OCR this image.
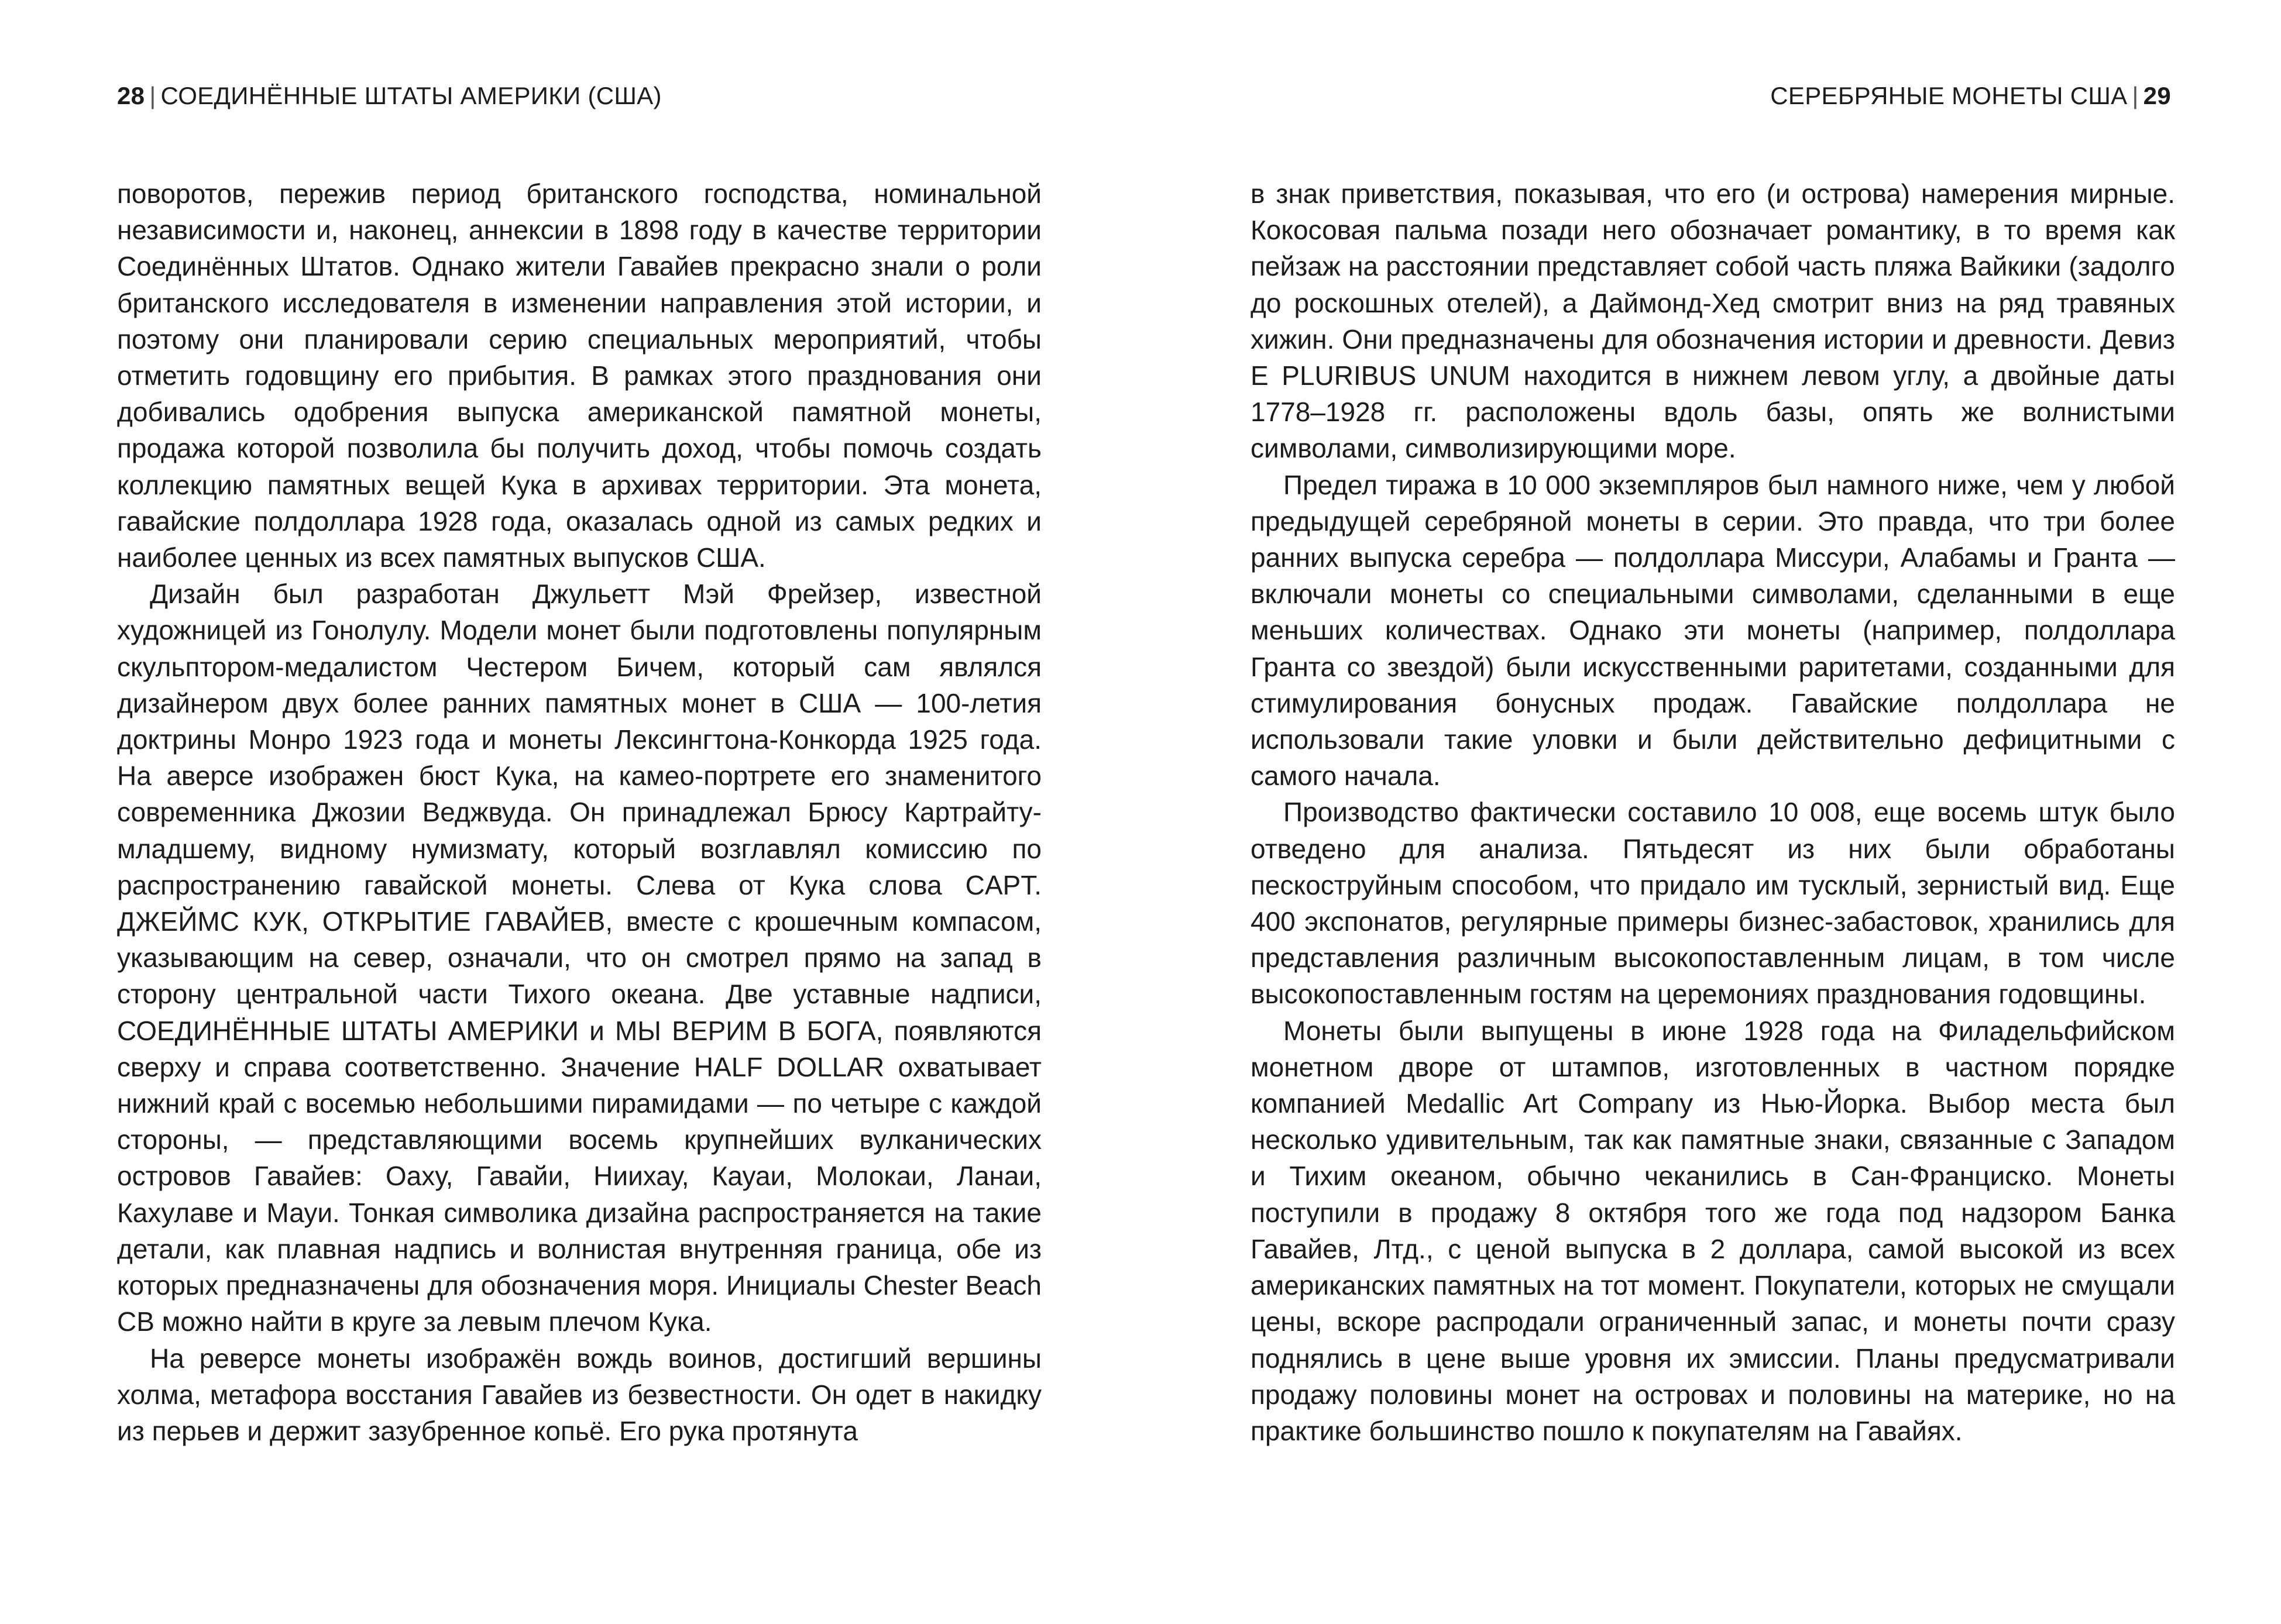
28 | СОЕДИНЁННЫЕ ШТАТЫ АМЕРИКИ (США)

поворотов, пережив период британского господства, номинальной независимости и, наконец, аннексии в 1898 году в качестве территории Соединённых Штатов. Однако жители Гавайев прекрасно знали о роли британского исследователя в изменении направления этой истории, и поэтому они планировали серию специальных мероприятий, чтобы отметить годовщину его прибытия. В рамках этого празднования они добивались одобрения выпуска американской памятной монеты, продажа которой позволила бы получить доход, чтобы помочь создать коллекцию памятных вещей Кука в архивах территории. Эта монета, гавайские полдоллара 1928 года, оказалась одной из самых редких и наиболее ценных из всех памятных выпусков США.

Дизайн был разработан Джульетт Мэй Фрейзер, известной художницей из Гонолулу. Модели монет были подготовлены популярным скульптором-медалистом Честером Бичем, который сам являлся дизайнером двух более ранних памятных монет в США — 100-летия доктрины Монро 1923 года и монеты Лексингтона-Конкорда 1925 года. На аверсе изображен бюст Кука, на камео-портрете его знаменитого современника Джозии Веджвуда. Он принадлежал Брюсу Картрайту-младшему, видному нумизмату, который возглавлял комиссию по распространению гавайской монеты. Слева от Кука слова CAPT. ДЖЕЙМС КУК, ОТКРЫТИЕ ГАВАЙЕВ, вместе с крошечным компасом, указывающим на север, означали, что он смотрел прямо на запад в сторону центральной части Тихого океана. Две уставные надписи, СОЕДИНЁННЫЕ ШТАТЫ АМЕРИКИ и МЫ ВЕРИМ В БОГА, появляются сверху и справа соответственно. Значение HALF DOLLAR охватывает нижний край с восемью небольшими пирамидами — по четыре с каждой стороны, — представляющими восемь крупнейших вулканических островов Гавайев: Оаху, Гавайи, Ниихау, Кауаи, Молокаи, Ланаи, Кахулаве и Мауи. Тонкая символика дизайна распространяется на такие детали, как плавная надпись и волнистая внутренняя граница, обе из которых предназначены для обозначения моря. Инициалы Chester Beach CB можно найти в круге за левым плечом Кука.

На реверсе монеты изображён вождь воинов, достигший вершины холма, метафора восстания Гавайев из безвестности. Он одет в накидку из перьев и держит зазубренное копьё. Его рука протянута

СЕРЕБРЯНЫЕ МОНЕТЫ США | 29

в знак приветствия, показывая, что его (и острова) намерения мирные. Кокосовая пальма позади него обозначает романтику, в то время как пейзаж на расстоянии представляет собой часть пляжа Вайкики (задолго до роскошных отелей), а Даймонд-Хед смотрит вниз на ряд травяных хижин. Они предназначены для обозначения истории и древности. Девиз E PLURIBUS UNUM находится в нижнем левом углу, а двойные даты 1778–1928 гг. расположены вдоль базы, опять же волнистыми символами, символизирующими море.

Предел тиража в 10 000 экземпляров был намного ниже, чем у любой предыдущей серебряной монеты в серии. Это правда, что три более ранних выпуска серебра — полдоллара Миссури, Алабамы и Гранта — включали монеты со специальными символами, сделанными в еще меньших количествах. Однако эти монеты (например, полдоллара Гранта со звездой) были искусственными раритетами, созданными для стимулирования бонусных продаж. Гавайские полдоллара не использовали такие уловки и были действительно дефицитными с самого начала.

Производство фактически составило 10 008, еще восемь штук было отведено для анализа. Пятьдесят из них были обработаны пескоструйным способом, что придало им тусклый, зернистый вид. Еще 400 экспонатов, регулярные примеры бизнес-забастовок, хранились для представления различным высокопоставленным лицам, в том числе высокопоставленным гостям на церемониях празднования годовщины.

Монеты были выпущены в июне 1928 года на Филадельфийском монетном дворе от штампов, изготовленных в частном порядке компанией Medallic Art Company из Нью-Йорка. Выбор места был несколько удивительным, так как памятные знаки, связанные с Западом и Тихим океаном, обычно чеканились в Сан-Франциско. Монеты поступили в продажу 8 октября того же года под надзором Банка Гавайев, Лтд., с ценой выпуска в 2 доллара, самой высокой из всех американских памятных на тот момент. Покупатели, которых не смущали цены, вскоре распродали ограниченный запас, и монеты почти сразу поднялись в цене выше уровня их эмиссии. Планы предусматривали продажу половины монет на островах и половины на материке, но на практике большинство пошло к покупателям на Гавайях.
